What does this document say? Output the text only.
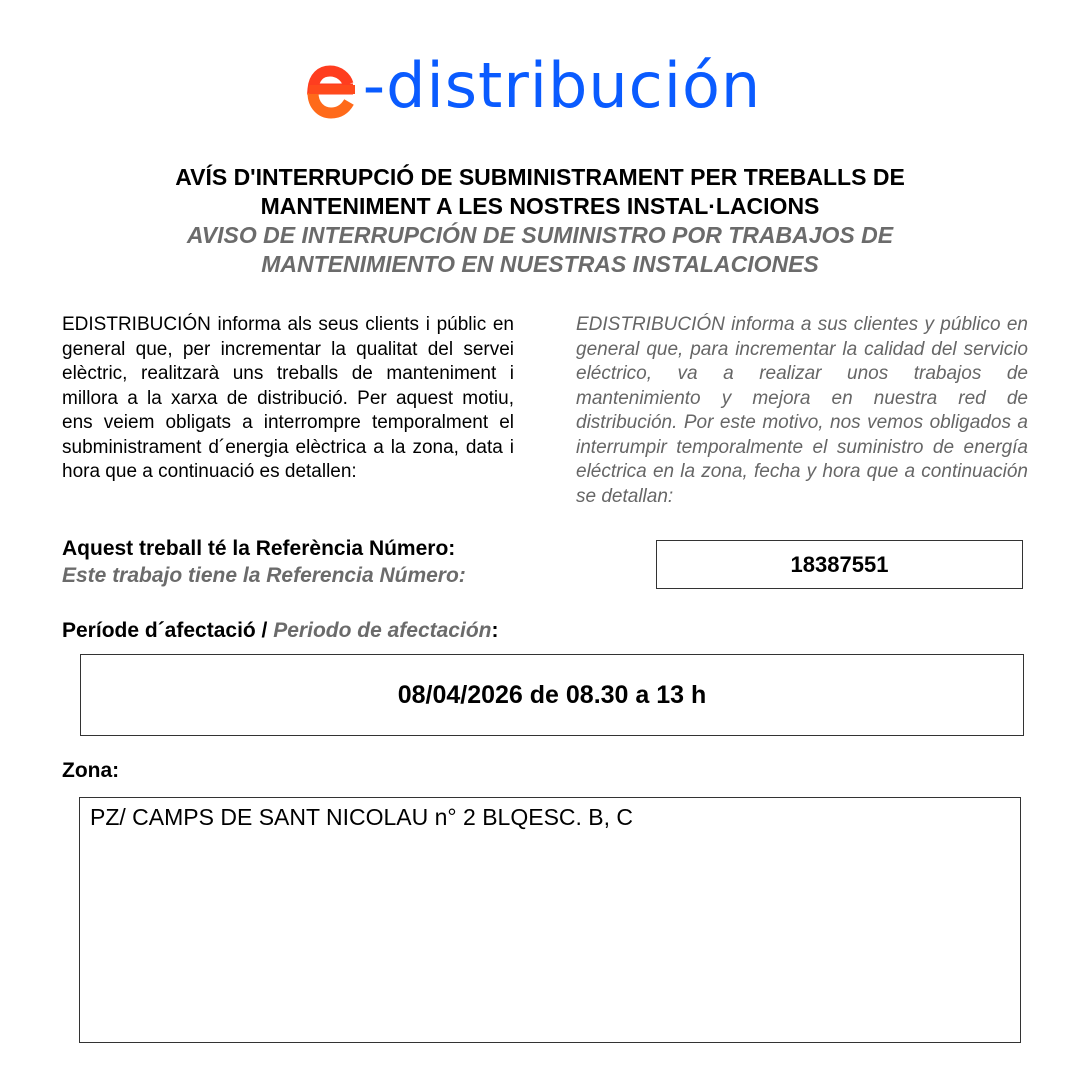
-distribución
AVÍS D'INTERRUPCIÓ DE SUBMINISTRAMENT PER TREBALLS DE
MANTENIMENT A LES NOSTRES INSTAL·LACIONS
AVISO DE INTERRUPCIÓN DE SUMINISTRO POR TRABAJOS DE
MANTENIMIENTO EN NUESTRAS INSTALACIONES
EDISTRIBUCIÓN informa als seus clients i públic en general que, per incrementar la qualitat del servei elèctric, realitzarà uns treballs de manteniment i millora a la xarxa de distribució. Per aquest motiu, ens veiem obligats a interrompre temporalment el subministrament d´energia elèctrica a la zona, data i hora que a continuació es detallen:
EDISTRIBUCIÓN informa a sus clientes y público en general que, para incrementar la calidad del servicio eléctrico, va a realizar unos trabajos de mantenimiento y mejora en nuestra red de distribución. Por este motivo, nos vemos obligados a interrumpir temporalmente el suministro de energía eléctrica en la zona, fecha y hora que a continuación se detallan:
Aquest treball té la Referència Número:
Este trabajo tiene la Referencia Número:	18387551
Període d´afectació / Periodo de afectación:
08/04/2026 de 08.30 a 13 h
Zona:
PZ/ CAMPS DE SANT NICOLAU n° 2 BLQESC. B, C
